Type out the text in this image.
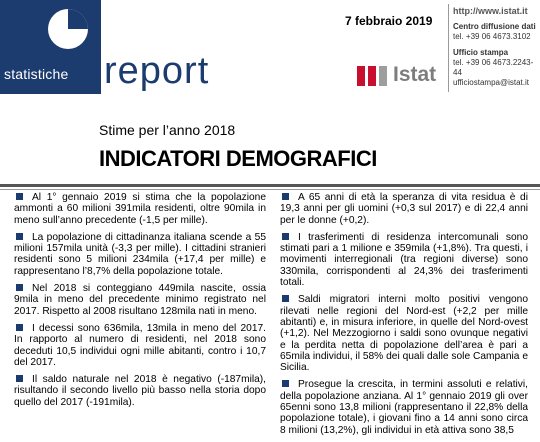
statistiche report
7 febbraio 2019
Istat
http://www.istat.it
Centro diffusione dati
tel. +39 06 4673.3102
Ufficio stampa
tel. +39 06 4673.2243-44
ufficiostampa@istat.it
Stime per l’anno 2018
INDICATORI DEMOGRAFICI

Al 1° gennaio 2019 si stima che la popolazione ammonti a 60 milioni 391mila residenti, oltre 90mila in meno sull’anno precedente (-1,5 per mille).

La popolazione di cittadinanza italiana scende a 55 milioni 157mila unità (-3,3 per mille). I cittadini stranieri residenti sono 5 milioni 234mila (+17,4 per mille) e rappresentano l’8,7% della popolazione totale.

Nel 2018 si conteggiano 449mila nascite, ossia 9mila in meno del precedente minimo registrato nel 2017. Rispetto al 2008 risultano 128mila nati in meno.

I decessi sono 636mila, 13mila in meno del 2017. In rapporto al numero di residenti, nel 2018 sono deceduti 10,5 individui ogni mille abitanti, contro i 10,7 del 2017.

Il saldo naturale nel 2018 è negativo (-187mila), risultando il secondo livello più basso nella storia dopo quello del 2017 (-191mila).

A 65 anni di età la speranza di vita residua è di 19,3 anni per gli uomini (+0,3 sul 2017) e di 22,4 anni per le donne (+0,2).

I trasferimenti di residenza intercomunali sono stimati pari a 1 milione e 359mila (+1,8%). Tra questi, i movimenti interregionali (tra regioni diverse) sono 330mila, corrispondenti al 24,3% dei trasferimenti totali.

Saldi migratori interni molto positivi vengono rilevati nelle regioni del Nord-est (+2,2 per mille abitanti) e, in misura inferiore, in quelle del Nord-ovest (+1,2). Nel Mezzogiorno i saldi sono ovunque negativi e la perdita netta di popolazione dell’area è pari a 65mila individui, il 58% dei quali dalle sole Campania e Sicilia.

Prosegue la crescita, in termini assoluti e relativi, della popolazione anziana. Al 1° gennaio 2019 gli over 65enni sono 13,8 milioni (rappresentano il 22,8% della popolazione totale), i giovani fino a 14 anni sono circa 8 milioni (13,2%), gli individui in età attiva sono 38,5
